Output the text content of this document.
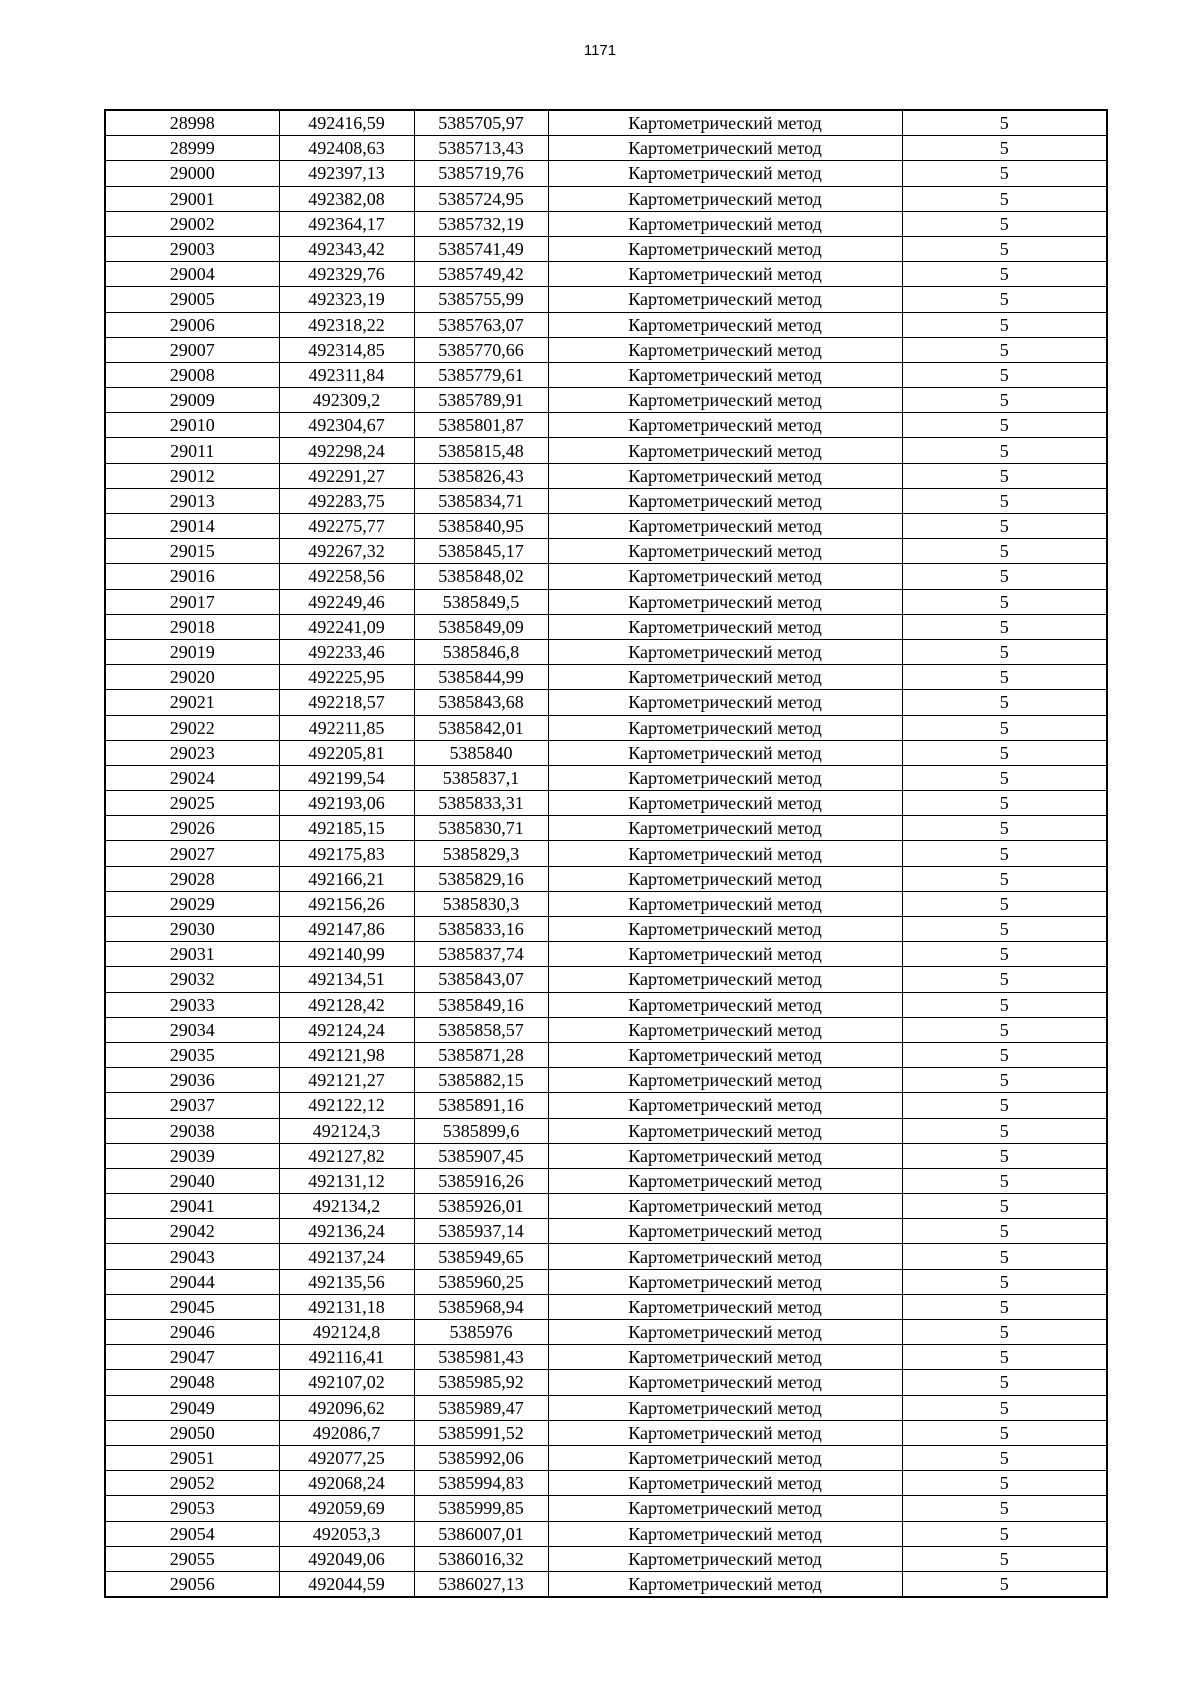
1171
28998	492416,59	5385705,97	Картометрический метод	5
28999	492408,63	5385713,43	Картометрический метод	5
29000	492397,13	5385719,76	Картометрический метод	5
29001	492382,08	5385724,95	Картометрический метод	5
29002	492364,17	5385732,19	Картометрический метод	5
29003	492343,42	5385741,49	Картометрический метод	5
29004	492329,76	5385749,42	Картометрический метод	5
29005	492323,19	5385755,99	Картометрический метод	5
29006	492318,22	5385763,07	Картометрический метод	5
29007	492314,85	5385770,66	Картометрический метод	5
29008	492311,84	5385779,61	Картометрический метод	5
29009	492309,2	5385789,91	Картометрический метод	5
29010	492304,67	5385801,87	Картометрический метод	5
29011	492298,24	5385815,48	Картометрический метод	5
29012	492291,27	5385826,43	Картометрический метод	5
29013	492283,75	5385834,71	Картометрический метод	5
29014	492275,77	5385840,95	Картометрический метод	5
29015	492267,32	5385845,17	Картометрический метод	5
29016	492258,56	5385848,02	Картометрический метод	5
29017	492249,46	5385849,5	Картометрический метод	5
29018	492241,09	5385849,09	Картометрический метод	5
29019	492233,46	5385846,8	Картометрический метод	5
29020	492225,95	5385844,99	Картометрический метод	5
29021	492218,57	5385843,68	Картометрический метод	5
29022	492211,85	5385842,01	Картометрический метод	5
29023	492205,81	5385840	Картометрический метод	5
29024	492199,54	5385837,1	Картометрический метод	5
29025	492193,06	5385833,31	Картометрический метод	5
29026	492185,15	5385830,71	Картометрический метод	5
29027	492175,83	5385829,3	Картометрический метод	5
29028	492166,21	5385829,16	Картометрический метод	5
29029	492156,26	5385830,3	Картометрический метод	5
29030	492147,86	5385833,16	Картометрический метод	5
29031	492140,99	5385837,74	Картометрический метод	5
29032	492134,51	5385843,07	Картометрический метод	5
29033	492128,42	5385849,16	Картометрический метод	5
29034	492124,24	5385858,57	Картометрический метод	5
29035	492121,98	5385871,28	Картометрический метод	5
29036	492121,27	5385882,15	Картометрический метод	5
29037	492122,12	5385891,16	Картометрический метод	5
29038	492124,3	5385899,6	Картометрический метод	5
29039	492127,82	5385907,45	Картометрический метод	5
29040	492131,12	5385916,26	Картометрический метод	5
29041	492134,2	5385926,01	Картометрический метод	5
29042	492136,24	5385937,14	Картометрический метод	5
29043	492137,24	5385949,65	Картометрический метод	5
29044	492135,56	5385960,25	Картометрический метод	5
29045	492131,18	5385968,94	Картометрический метод	5
29046	492124,8	5385976	Картометрический метод	5
29047	492116,41	5385981,43	Картометрический метод	5
29048	492107,02	5385985,92	Картометрический метод	5
29049	492096,62	5385989,47	Картометрический метод	5
29050	492086,7	5385991,52	Картометрический метод	5
29051	492077,25	5385992,06	Картометрический метод	5
29052	492068,24	5385994,83	Картометрический метод	5
29053	492059,69	5385999,85	Картометрический метод	5
29054	492053,3	5386007,01	Картометрический метод	5
29055	492049,06	5386016,32	Картометрический метод	5
29056	492044,59	5386027,13	Картометрический метод	5
